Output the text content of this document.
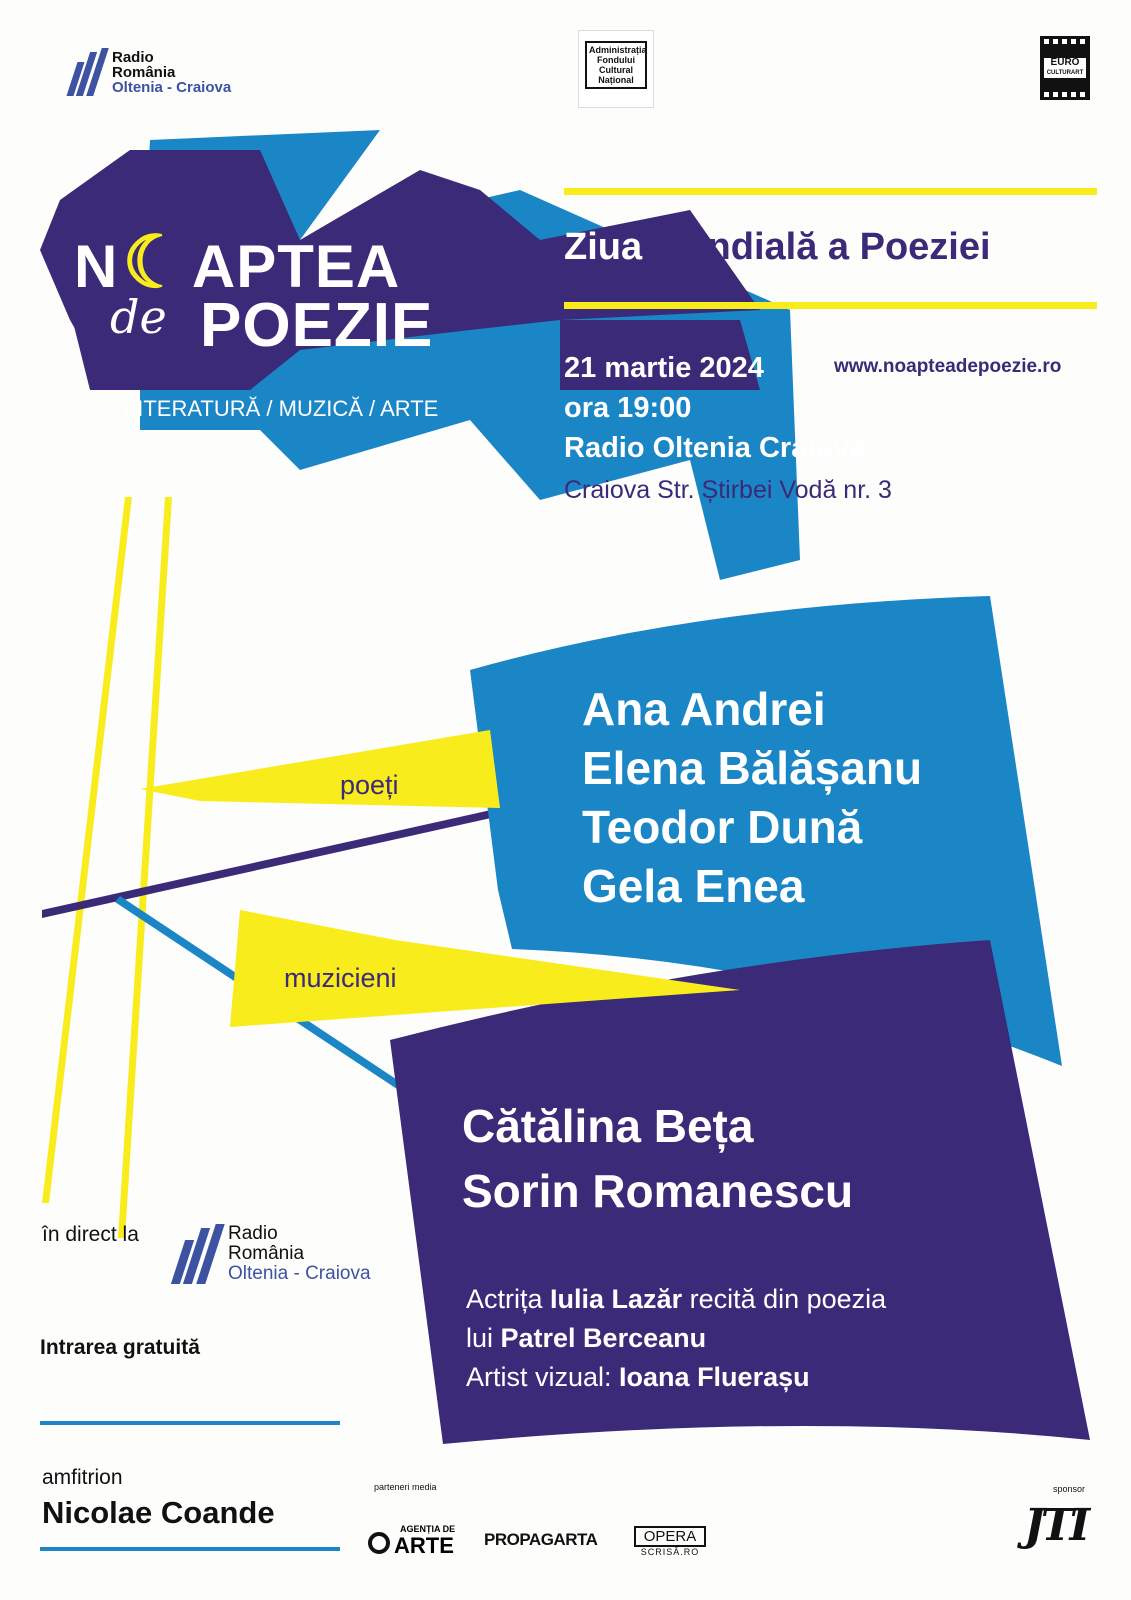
Radio
România
Oltenia - Craiova
Administrația
Fondului
Cultural
Național
EURO
CULTURART
N☾APTEA
de POEZIE
LITERATURĂ / MUZICĂ / ARTE
Ziua Mondială a Poeziei
21 martie 2024	www.noapteadepoezie.ro
ora 19:00
Radio Oltenia Craiova
Craiova Str. Știrbei Vodă nr. 3
poeți
Ana Andrei
Elena Bălășanu
Teodor Dună
Gela Enea
muzicieni
Cătălina Beța
Sorin Romanescu
Actrița Iulia Lazăr recită din poezia
lui Patrel Berceanu
Artist vizual: Ioana Fluerașu
în direct la	Radio
România
Oltenia - Craiova
Intrarea gratuită
amfitrion
Nicolae Coande
parteneri media
AGENȚIA DE
ARTE PROPAGARTA	OPERA
SCRISĂ.RO
sponsor
JTI
